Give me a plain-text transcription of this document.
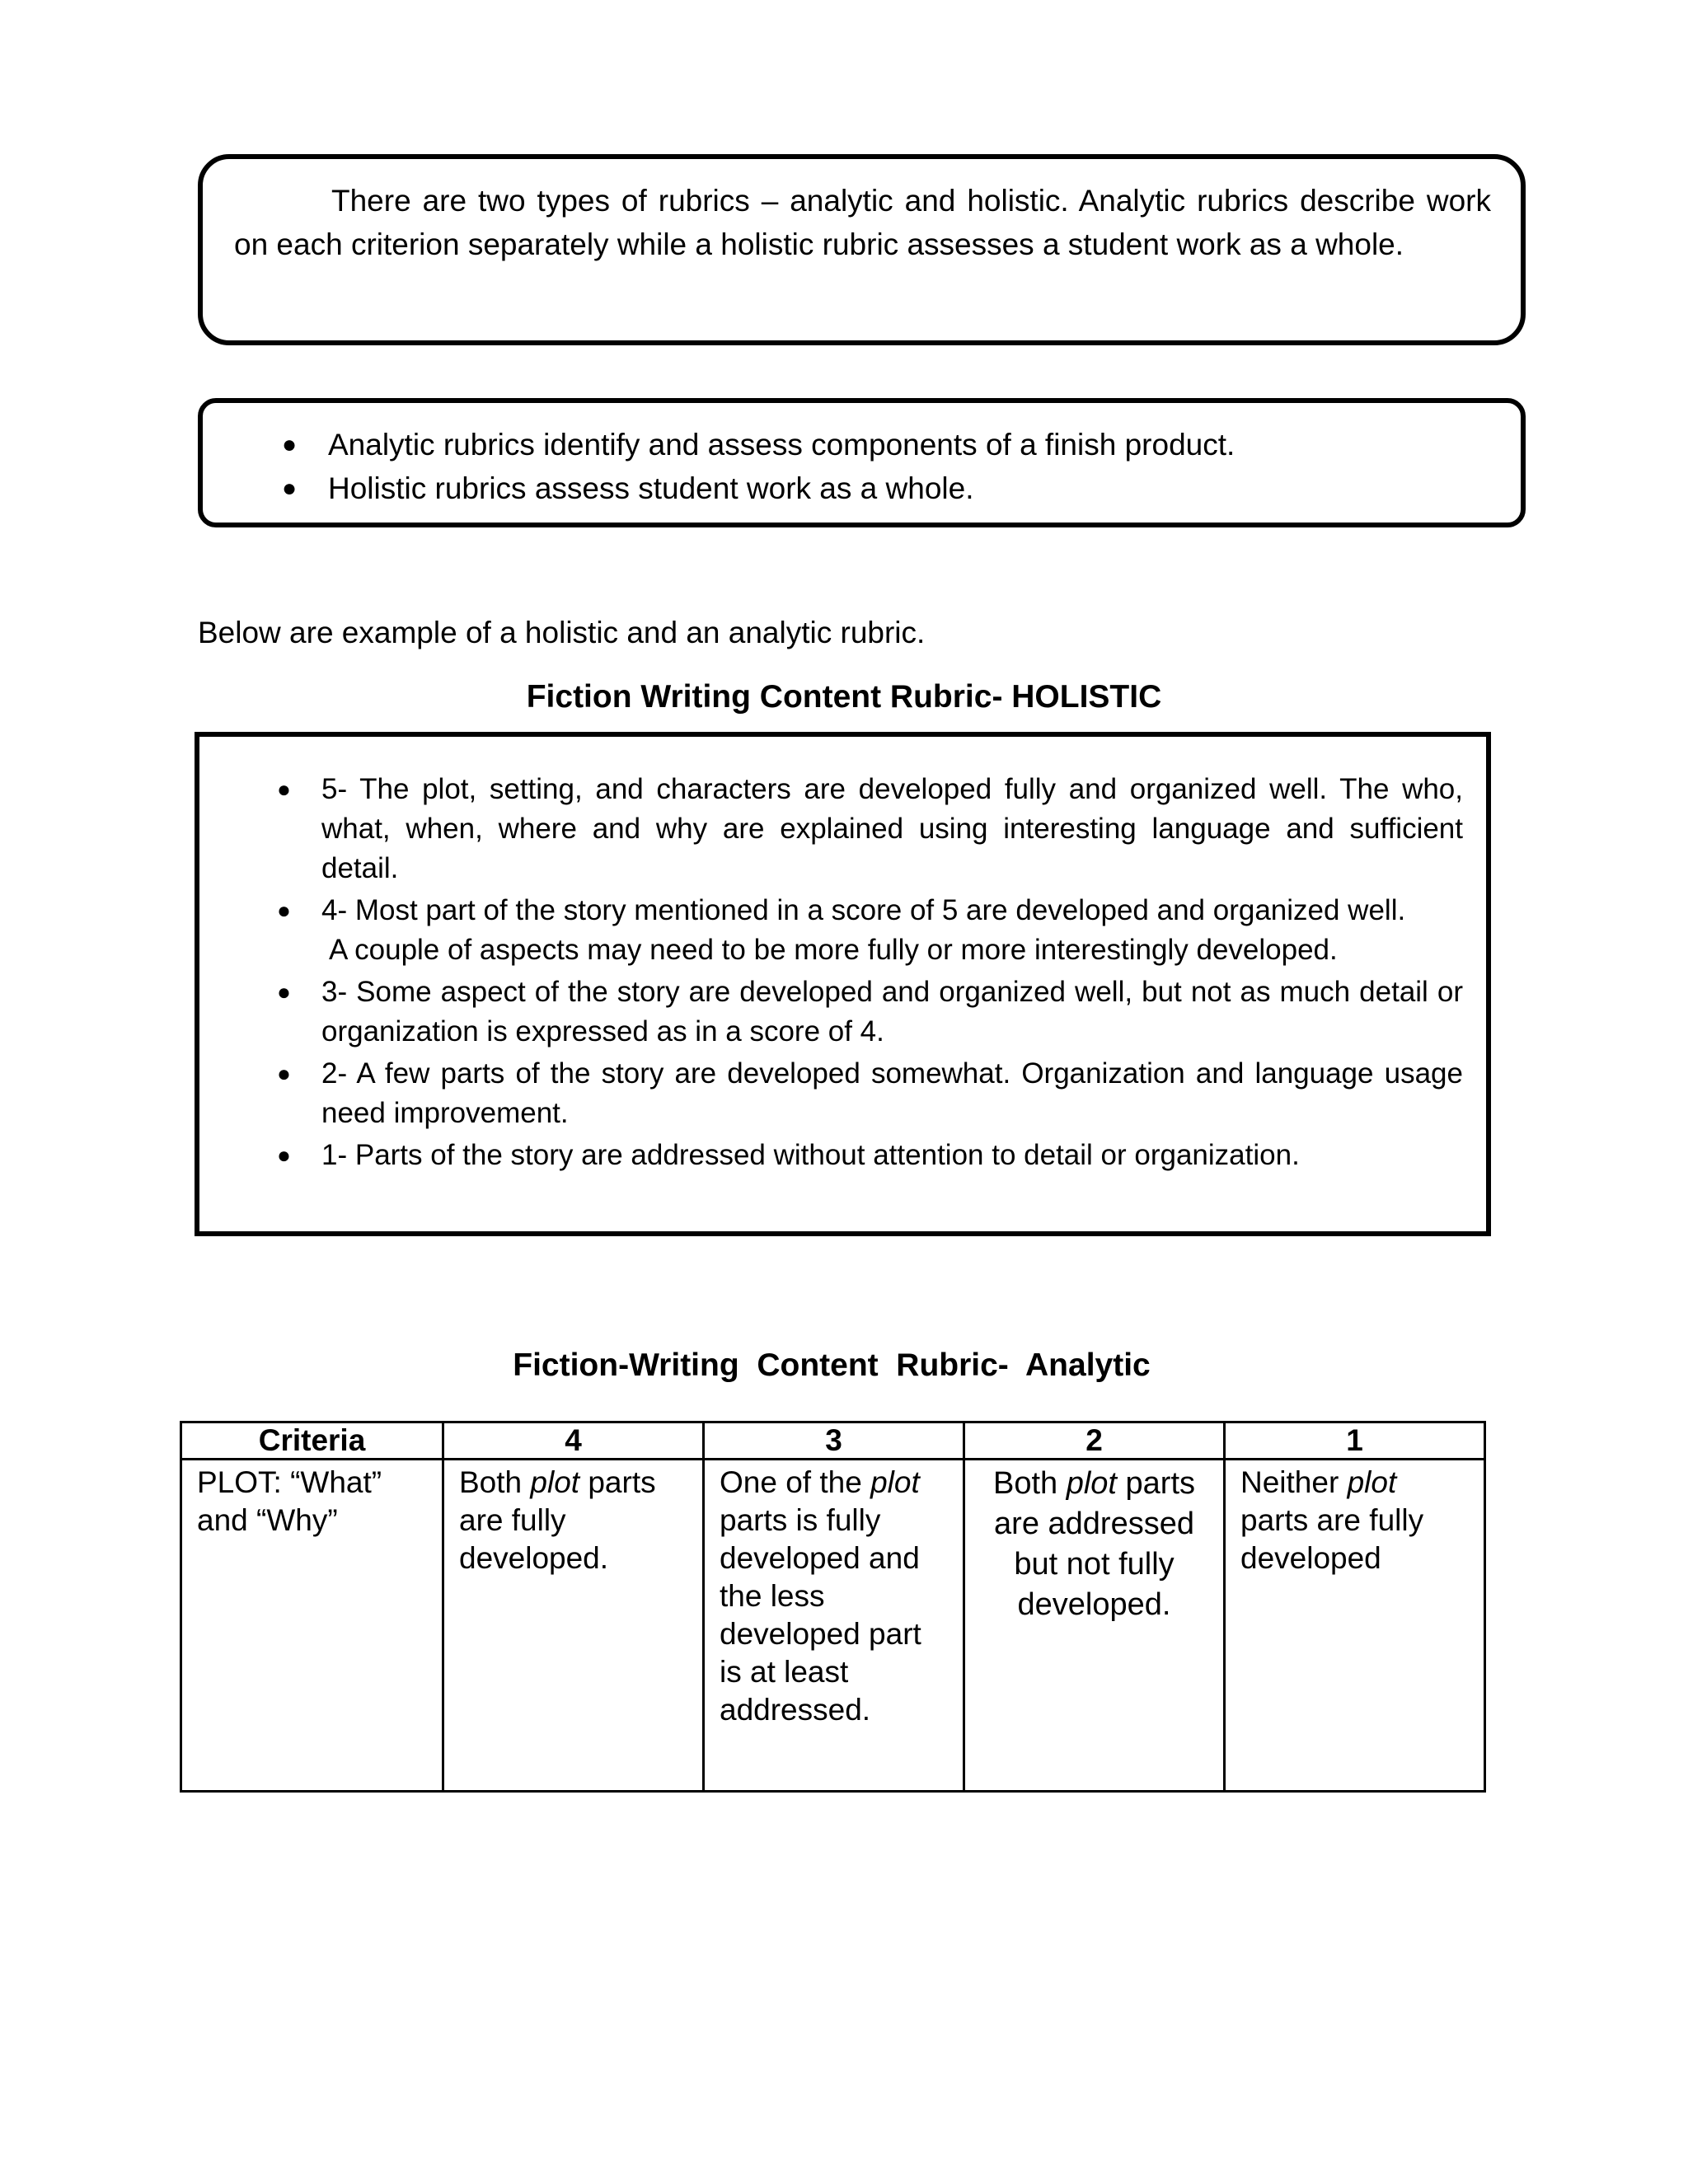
There are two types of rubrics – analytic and holistic. Analytic rubrics describe work on each criterion separately while a holistic rubric assesses a student work as a whole.

● Analytic rubrics identify and assess components of a finish product.
● Holistic rubrics assess student work as a whole.

Below are example of a holistic and an analytic rubric.

Fiction Writing Content Rubric- HOLISTIC
● 5- The plot, setting, and characters are developed fully and organized well. The who, what, when, where and why are explained using interesting language and sufficient detail.
● 4- Most part of the story mentioned in a score of 5 are developed and organized well.
A couple of aspects may need to be more fully or more interestingly developed.
● 3- Some aspect of the story are developed and organized well, but not as much detail or organization is expressed as in a score of 4.
● 2- A few parts of the story are developed somewhat. Organization and language usage need improvement.
● 1- Parts of the story are addressed without attention to detail or organization.
Fiction-Writing  Content  Rubric-  Analytic
Criteria	4	3	2	1
PLOT: “What” and “Why”	Both plot parts are fully developed.	One of the plot parts is fully developed and the less developed part is at least addressed.	Both plot parts are addressed but not fully developed.	Neither plot parts are fully developed
